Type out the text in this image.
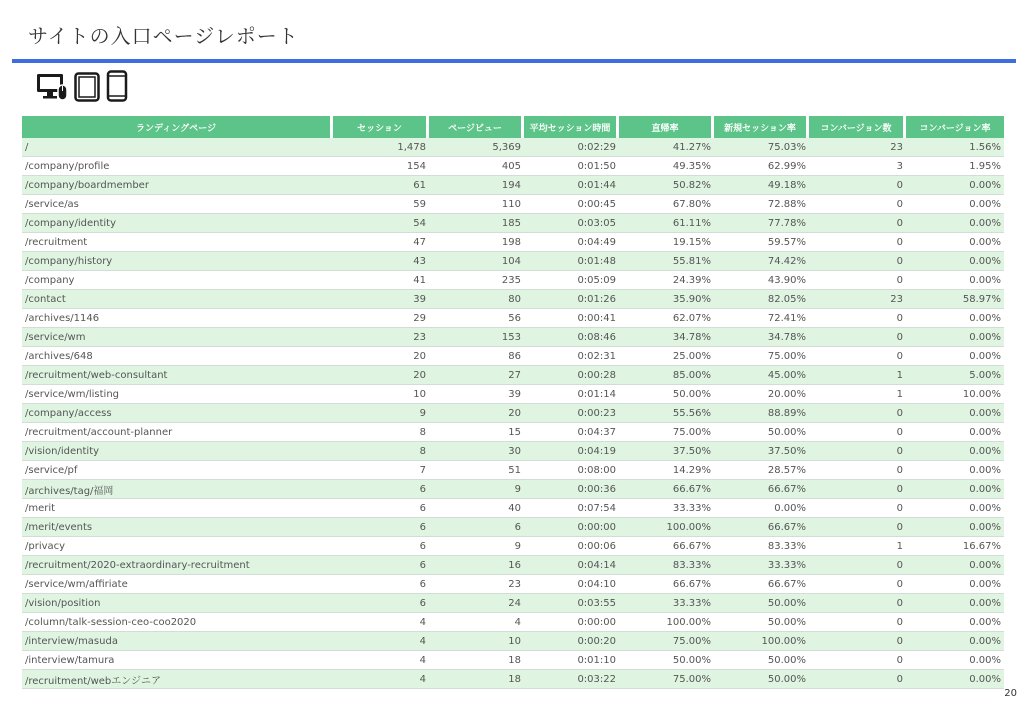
サイトの入口ページレポート
ランディングページ	セッション	ページビュー	平均セッション時間	直帰率	新規セッション率	コンバージョン数	コンバージョン率
/	1,478	5,369	0:02:29	41.27%	75.03%	23	1.56%
/company/profile	154	405	0:01:50	49.35%	62.99%	3	1.95%
/company/boardmember	61	194	0:01:44	50.82%	49.18%	0	0.00%
/service/as	59	110	0:00:45	67.80%	72.88%	0	0.00%
/company/identity	54	185	0:03:05	61.11%	77.78%	0	0.00%
/recruitment	47	198	0:04:49	19.15%	59.57%	0	0.00%
/company/history	43	104	0:01:48	55.81%	74.42%	0	0.00%
/company	41	235	0:05:09	24.39%	43.90%	0	0.00%
/contact	39	80	0:01:26	35.90%	82.05%	23	58.97%
/archives/1146	29	56	0:00:41	62.07%	72.41%	0	0.00%
/service/wm	23	153	0:08:46	34.78%	34.78%	0	0.00%
/archives/648	20	86	0:02:31	25.00%	75.00%	0	0.00%
/recruitment/web-consultant	20	27	0:00:28	85.00%	45.00%	1	5.00%
/service/wm/listing	10	39	0:01:14	50.00%	20.00%	1	10.00%
/company/access	9	20	0:00:23	55.56%	88.89%	0	0.00%
/recruitment/account-planner	8	15	0:04:37	75.00%	50.00%	0	0.00%
/vision/identity	8	30	0:04:19	37.50%	37.50%	0	0.00%
/service/pf	7	51	0:08:00	14.29%	28.57%	0	0.00%
/archives/tag/福岡	6	9	0:00:36	66.67%	66.67%	0	0.00%
/merit	6	40	0:07:54	33.33%	0.00%	0	0.00%
/merit/events	6	6	0:00:00	100.00%	66.67%	0	0.00%
/privacy	6	9	0:00:06	66.67%	83.33%	1	16.67%
/recruitment/2020-extraordinary-recruitment	6	16	0:04:14	83.33%	33.33%	0	0.00%
/service/wm/affiriate	6	23	0:04:10	66.67%	66.67%	0	0.00%
/vision/position	6	24	0:03:55	33.33%	50.00%	0	0.00%
/column/talk-session-ceo-coo2020	4	4	0:00:00	100.00%	50.00%	0	0.00%
/interview/masuda	4	10	0:00:20	75.00%	100.00%	0	0.00%
/interview/tamura	4	18	0:01:10	50.00%	50.00%	0	0.00%
/recruitment/webエンジニア	4	18	0:03:22	75.00%	50.00%	0	0.00%
20
